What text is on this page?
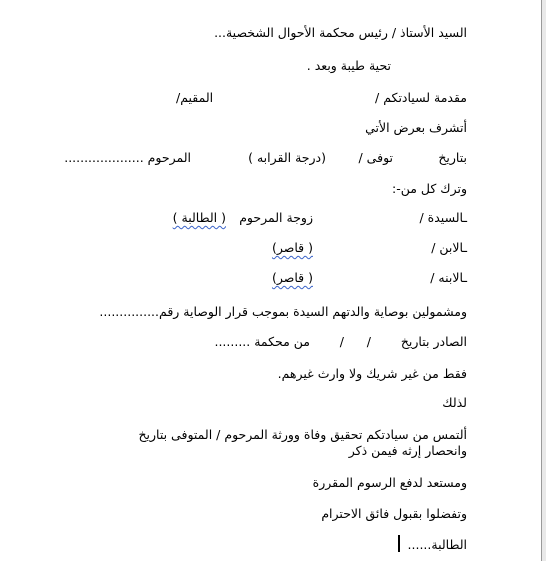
السيد الأستاذ / رئيس محكمة الأحوال الشخصية...
تحية طيبة وبعد .
مقدمة لسيادتكم /
المقيم/
أتشرف بعرض الأتي
بتاريخ
توفى /
(درجة القرابه )
المرحوم ....................
وترك كل من-:
ـالسيدة /
زوجة المرحوم
( الطالبة )
ـالابن /
( قاصر)
ـالابنه /
( قاصر)
ومشمولين بوصاية والدتهم السيدة بموجب قرار الوصاية رقم...............
الصادر بتاريخ
/
/
من محكمة .........
فقط من غير شريك ولا وارث غيرهم.
لذلك
ألتمس من سيادتكم تحقيق وفاة وورثة المرحوم / المتوفى بتاريخ وانحصار إرثه فيمن ذكر
ومستعد لدفع الرسوم المقررة
وتفضلوا بقبول فائق الاحترام
الطالبة......
